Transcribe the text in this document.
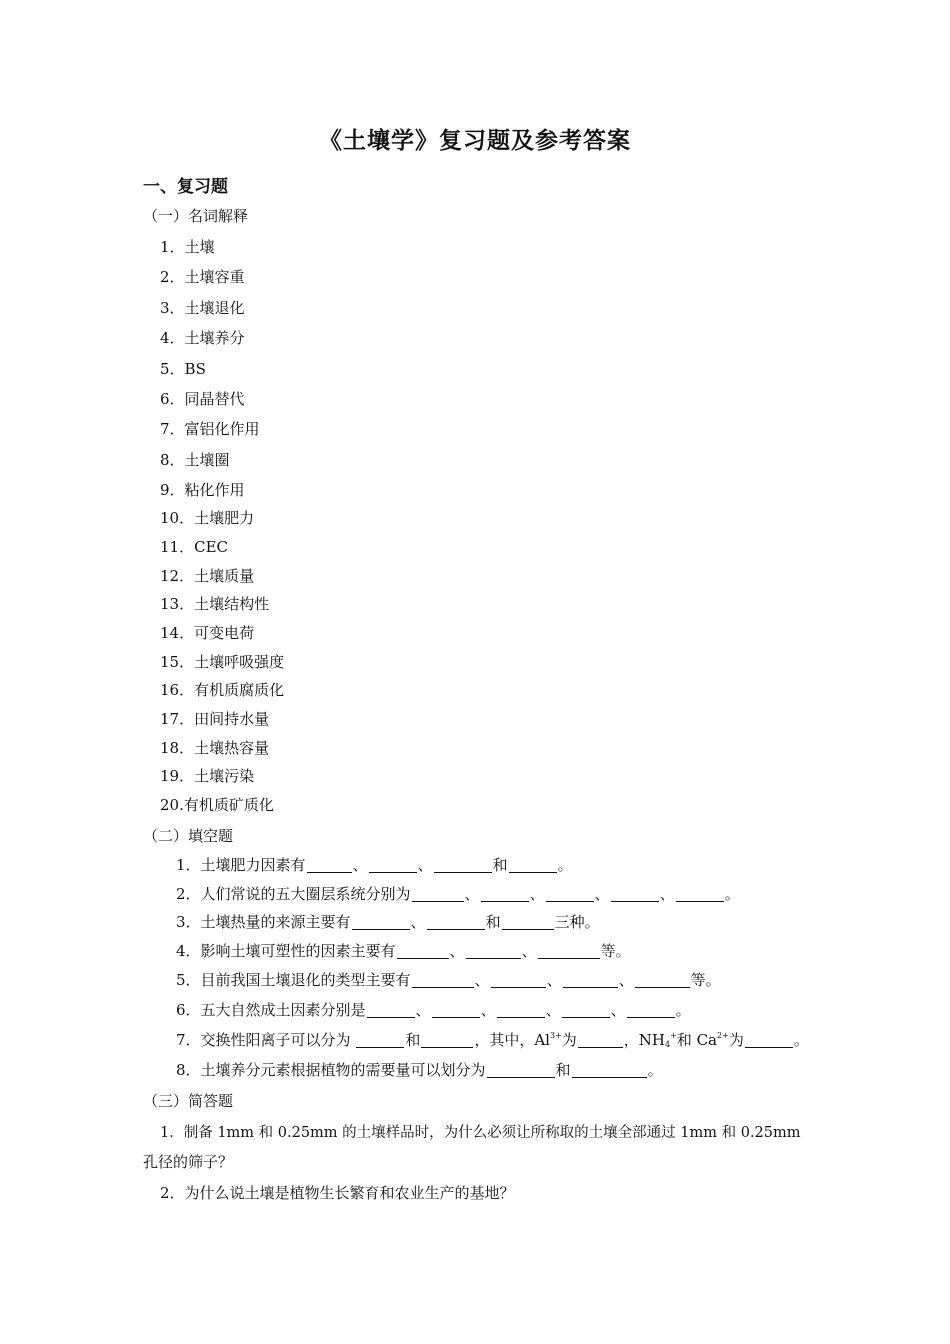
《土壤学》复习题及参考答案
一、复习题
（一）名词解释
1．土壤
2．土壤容重
3．土壤退化
4．土壤养分
5．BS
6．同晶替代
7．富铝化作用
8．土壤圈
9．粘化作用
10．土壤肥力
11．CEC
12．土壤质量
13．土壤结构性
14．可变电荷
15．土壤呼吸强度
16．有机质腐质化
17．田间持水量
18．土壤热容量
19．土壤污染
20.有机质矿质化
（二）填空题
1．土壤肥力因素有	、	、	和	。
2．人们常说的五大圈层系统分别为	、	、	、	、	。
3．土壤热量的来源主要有	、	和	三种。
4．影响土壤可塑性的因素主要有	、	、	等。
5．目前我国土壤退化的类型主要有	、	、	、	等。
6．五大自然成土因素分别是	、	、	、	、	。
7．交换性阳离子可以分为	和	，其中，$Al^{3+}$为	，$NH_4^+$和 $Ca^{2+}$为	。
8．土壤养分元素根据植物的需要量可以划分为	和	。
（三）简答题
1．制备 1mm 和 0.25mm 的土壤样品时，为什么必须让所称取的土壤全部通过 1mm 和 0.25mm
孔径的筛子？
2．为什么说土壤是植物生长繁育和农业生产的基地？
